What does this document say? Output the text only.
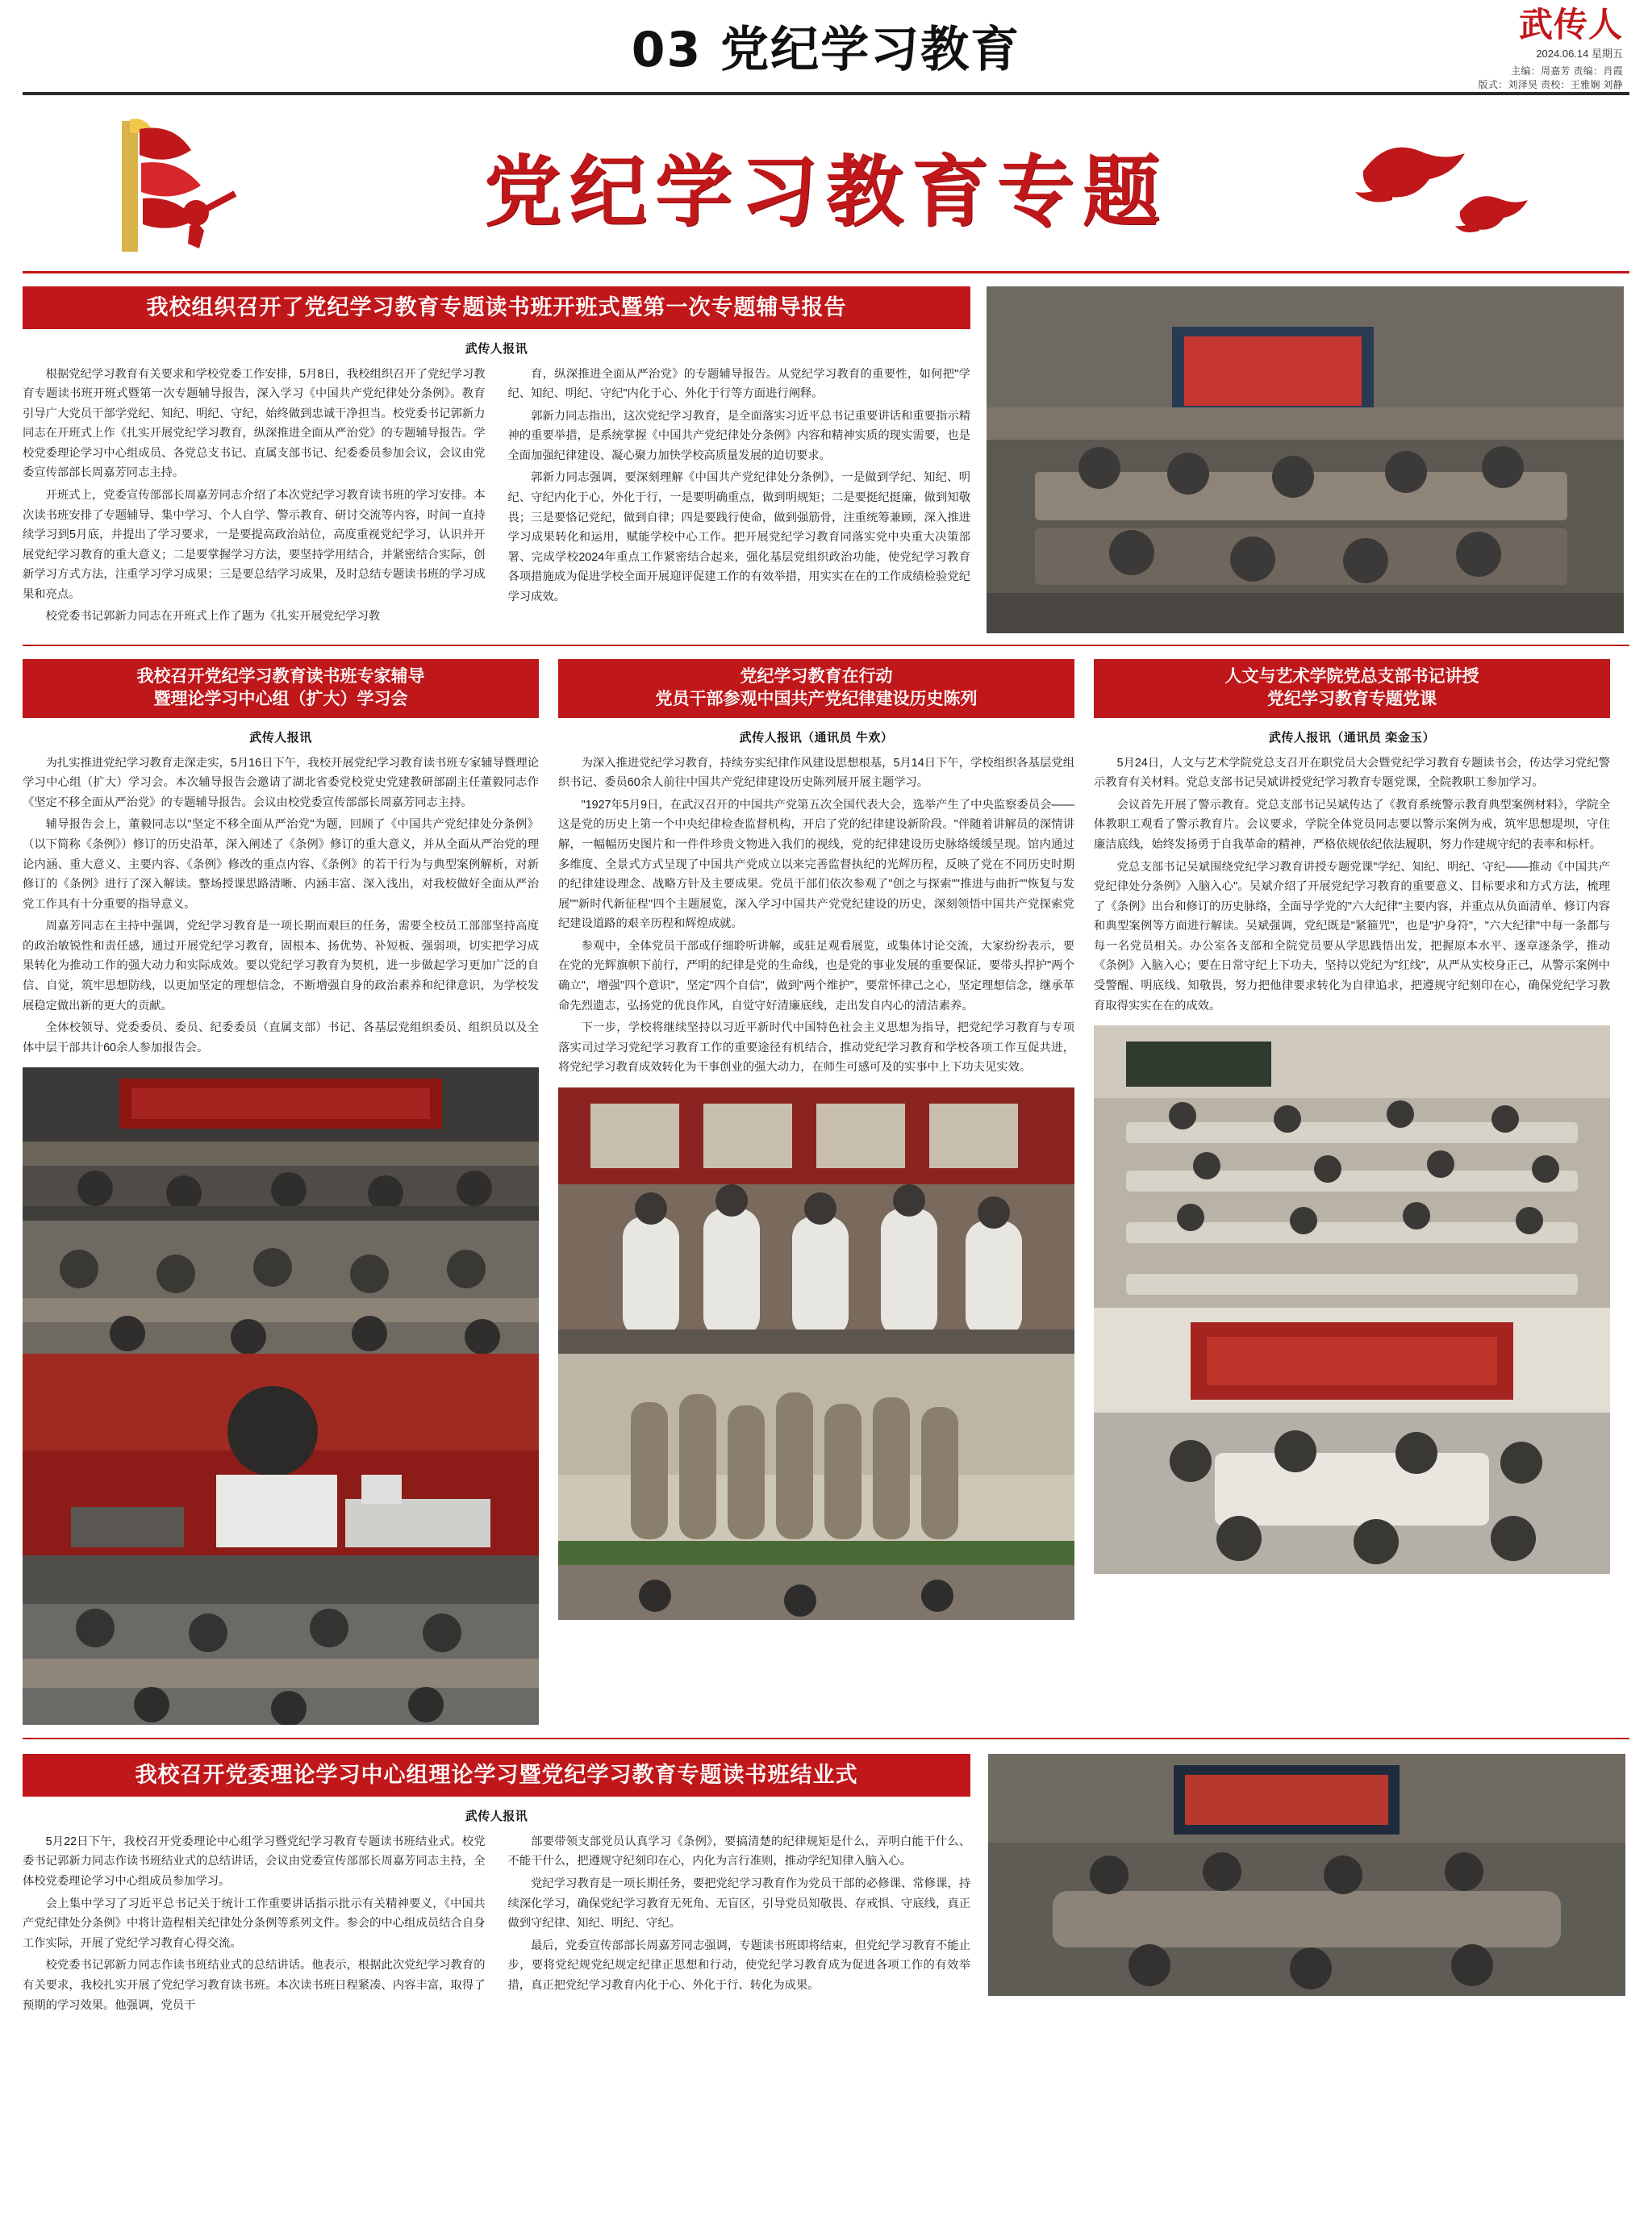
03 党纪学习教育	武传人
2024.06.14 星期五
主编：周嘉芳 责编：肖霞
版式：刘泽昊 责校：王雅娴 刘静
党纪学习教育专题
我校组织召开了党纪学习教育专题读书班开班式暨第一次专题辅导报告
武传人报讯

根据党纪学习教育有关要求和学校党委工作安排，5月8日，我校组织召开了党纪学习教育专题读书班开班式暨第一次专题辅导报告，深入学习《中国共产党纪律处分条例》。教育引导广大党员干部学党纪、知纪、明纪、守纪，始终做到忠诚干净担当。校党委书记郭新力同志在开班式上作《扎实开展党纪学习教育，纵深推进全面从严治党》的专题辅导报告。学校党委理论学习中心组成员、各党总支书记、直属支部书记、纪委委员参加会议，会议由党委宣传部部长周嘉芳同志主持。

开班式上，党委宣传部部长周嘉芳同志介绍了本次党纪学习教育读书班的学习安排。本次读书班安排了专题辅导、集中学习、个人自学、警示教育、研讨交流等内容，时间一直持续学习到5月底，并提出了学习要求，一是要提高政治站位，高度重视党纪学习，认识并开展党纪学习教育的重大意义；二是要掌握学习方法，要坚持学用结合，并紧密结合实际，创新学习方式方法，注重学习学习成果；三是要总结学习成果，及时总结专题读书班的学习成果和亮点。

校党委书记郭新力同志在开班式上作了题为《扎实开展党纪学习教

育，纵深推进全面从严治党》的专题辅导报告。从党纪学习教育的重要性，如何把"学纪、知纪、明纪、守纪"内化于心、外化于行等方面进行阐释。

郭新力同志指出，这次党纪学习教育，是全面落实习近平总书记重要讲话和重要指示精神的重要举措，是系统掌握《中国共产党纪律处分条例》内容和精神实质的现实需要，也是全面加强纪律建设、凝心聚力加快学校高质量发展的迫切要求。

郭新力同志强调，要深刻理解《中国共产党纪律处分条例》，一是做到学纪、知纪、明纪、守纪内化于心，外化于行，一是要明确重点，做到明规矩；二是要挺纪挺廉，做到知敬畏；三是要恪记党纪，做到自律；四是要践行使命，做到强筋骨，注重统筹兼顾，深入推进学习成果转化和运用，赋能学校中心工作。把开展党纪学习教育同落实党中央重大决策部署、完成学校2024年重点工作紧密结合起来，强化基层党组织政治功能，使党纪学习教育各项措施成为促进学校全面开展迎评促建工作的有效举措，用实实在在的工作成绩检验党纪学习成效。

我校召开党纪学习教育读书班专家辅导
暨理论学习中心组（扩大）学习会
武传人报讯

为扎实推进党纪学习教育走深走实，5月16日下午，我校开展党纪学习教育读书班专家辅导暨理论学习中心组（扩大）学习会。本次辅导报告会邀请了湖北省委党校党史党建教研部副主任董毅同志作《坚定不移全面从严治党》的专题辅导报告。会议由校党委宣传部部长周嘉芳同志主持。

辅导报告会上，董毅同志以"坚定不移全面从严治党"为题，回顾了《中国共产党纪律处分条例》（以下简称《条例》）修订的历史沿革，深入阐述了《条例》修订的重大意义，并从全面从严治党的理论内涵、重大意义、主要内容、《条例》修改的重点内容、《条例》的若干行为与典型案例解析，对新修订的《条例》进行了深入解读。整场授课思路清晰、内涵丰富、深入浅出，对我校做好全面从严治党工作具有十分重要的指导意义。

周嘉芳同志在主持中强调，党纪学习教育是一项长期而艰巨的任务，需要全校员工部部坚持高度的政治敏锐性和责任感，通过开展党纪学习教育，固根本、扬优势、补短板、强弱项，切实把学习成果转化为推动工作的强大动力和实际成效。要以党纪学习教育为契机，进一步做起学习更加广泛的自信、自觉，筑牢思想防线，以更加坚定的理想信念，不断增强自身的政治素养和纪律意识，为学校发展稳定做出新的更大的贡献。

全体校领导、党委委员、委员、纪委委员（直属支部）书记、各基层党组织委员、组织员以及全体中层干部共计60余人参加报告会。

党纪学习教育在行动
党员干部参观中国共产党纪律建设历史陈列
武传人报讯（通讯员 牛欢）

为深入推进党纪学习教育，持续夯实纪律作风建设思想根基，5月14日下午，学校组织各基层党组织书记、委员60余人前往中国共产党纪律建设历史陈列展开展主题学习。

"1927年5月9日，在武汉召开的中国共产党第五次全国代表大会，选举产生了中央监察委员会——这是党的历史上第一个中央纪律检查监督机构，开启了党的纪律建设新阶段。"伴随着讲解员的深情讲解，一幅幅历史图片和一件件珍贵文物进入我们的视线，党的纪律建设历史脉络缓缓呈现。馆内通过多维度、全景式方式呈现了中国共产党成立以来完善监督执纪的光辉历程，反映了党在不同历史时期的纪律建设理念、战略方针及主要成果。党员干部们依次参观了"创之与探索""推进与曲折""恢复与发展""新时代新征程"四个主题展览，深入学习中国共产党党纪建设的历史，深刻领悟中国共产党探索党纪建设道路的艰辛历程和辉煌成就。

参观中，全体党员干部或仔细聆听讲解，或驻足观看展览，或集体讨论交流，大家纷纷表示，要在党的光辉旗帜下前行，严明的纪律是党的生命线，也是党的事业发展的重要保证，要带头捍护"两个确立"，增强"四个意识"，坚定"四个自信"，做到"两个维护"，要常怀律己之心，坚定理想信念，继承革命先烈遗志，弘扬党的优良作风，自觉守好清廉底线，走出发自内心的清洁素养。

下一步，学校将继续坚持以习近平新时代中国特色社会主义思想为指导，把党纪学习教育与专项落实司过学习党纪学习教育工作的重要途径有机结合，推动党纪学习教育和学校各项工作互促共进，将党纪学习教育成效转化为干事创业的强大动力，在师生可感可及的实事中上下功夫见实效。

人文与艺术学院党总支部书记讲授
党纪学习教育专题党课
武传人报讯（通讯员 栾金玉）

5月24日，人文与艺术学院党总支召开在职党员大会暨党纪学习教育专题读书会，传达学习党纪警示教育有关材料。党总支部书记吴斌讲授党纪学习教育专题党课，全院教职工参加学习。

会议首先开展了警示教育。党总支部书记吴斌传达了《教育系统警示教育典型案例材料》，学院全体教职工观看了警示教育片。会议要求，学院全体党员同志要以警示案例为戒，筑牢思想堤坝，守住廉洁底线，始终发扬勇于自我革命的精神，严格依规依纪依法履职，努力作建规守纪的表率和标杆。

党总支部书记吴斌围绕党纪学习教育讲授专题党课"学纪、知纪、明纪、守纪——推动《中国共产党纪律处分条例》入脑入心"。吴斌介绍了开展党纪学习教育的重要意义、目标要求和方式方法，梳理了《条例》出台和修订的历史脉络，全面导学党的"六大纪律"主要内容，并重点从负面清单、修订内容和典型案例等方面进行解读。吴斌强调，党纪既是"紧箍咒"，也是"护身符"，"六大纪律"中每一条都与每一名党员相关。办公室各支部和全院党员要从学思践悟出发，把握原本水平、逐章逐条学，推动《条例》入脑入心；要在日常守纪上下功夫，坚持以党纪为"红线"，从严从实校身正己，从警示案例中受警醒、明底线、知敬畏，努力把他律要求转化为自律追求，把遵规守纪刻印在心，确保党纪学习教育取得实实在在的成效。

我校召开党委理论学习中心组理论学习暨党纪学习教育专题读书班结业式
武传人报讯

5月22日下午，我校召开党委理论中心组学习暨党纪学习教育专题读书班结业式。校党委书记郭新力同志作读书班结业式的总结讲话，会议由党委宣传部部长周嘉芳同志主持，全体校党委理论学习中心组成员参加学习。

会上集中学习了习近平总书记关于统计工作重要讲话指示批示有关精神要义，《中国共产党纪律处分条例》中将计造程相关纪律处分条例等系列文件。参会的中心组成员结合自身工作实际，开展了党纪学习教育心得交流。

校党委书记郭新力同志作读书班结业式的总结讲话。他表示，根据此次党纪学习教育的有关要求，我校扎实开展了党纪学习教育读书班。本次读书班日程紧凑、内容丰富，取得了预期的学习效果。他强调，党员干

部要带领支部党员认真学习《条例》，要搞清楚的纪律规矩是什么，弄明白能干什么、不能干什么，把遵规守纪刻印在心，内化为言行准则，推动学纪知律入脑入心。

党纪学习教育是一项长期任务，要把党纪学习教育作为党员干部的必修课、常修课，持续深化学习，确保党纪学习教育无死角、无盲区，引导党员知敬畏、存戒惧、守底线，真正做到守纪律、知纪、明纪、守纪。

最后，党委宣传部部长周嘉芳同志强调，专题读书班即将结束，但党纪学习教育不能止步，要将党纪规党纪规定纪律正思想和行动，使党纪学习教育成为促进各项工作的有效举措，真正把党纪学习教育内化于心、外化于行、转化为成果。
